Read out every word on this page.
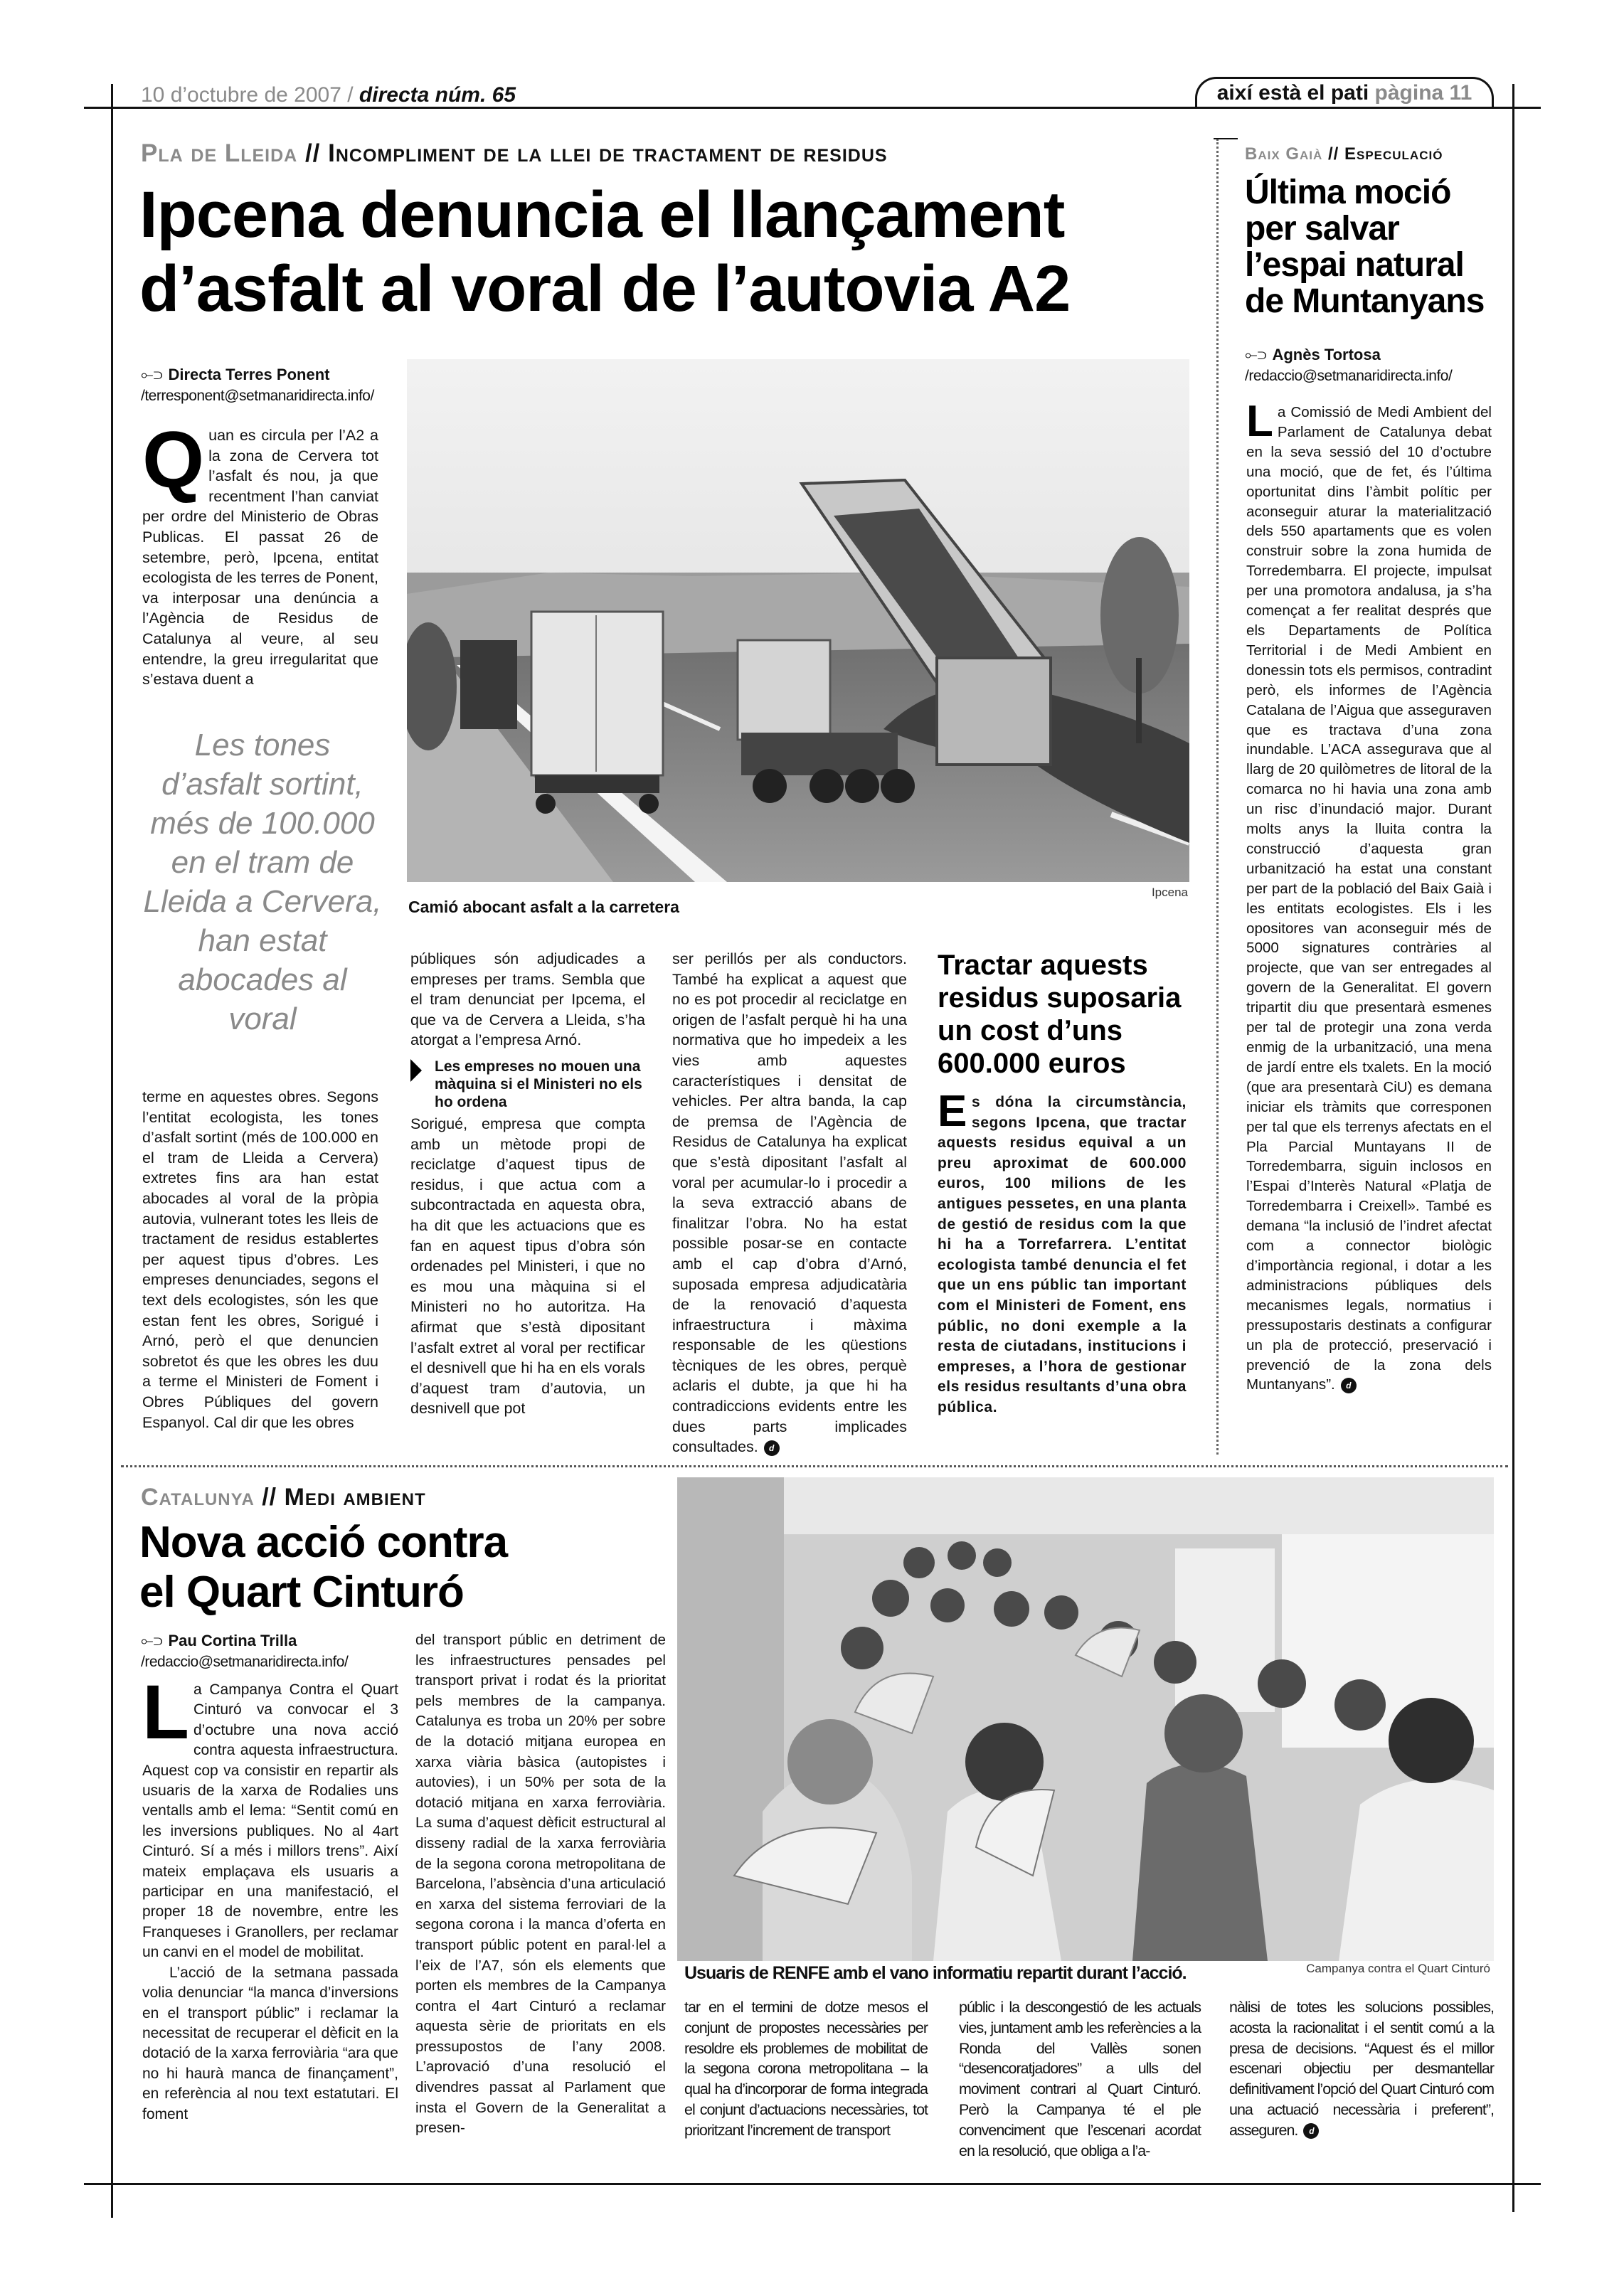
10 d’octubre de 2007 / directa núm. 65	així està el pati pàgina 11
Pla de Lleida // Incompliment de la llei de tractament de residus
Ipcena denuncia el llançament
d’asfalt al voral de l’autovia A2
⟜⊃ Directa Terres Ponent
/terresponent@setmanaridirecta.info/
Quan es circula per l’A2 a la zona de Cervera tot l’asfalt és nou, ja que recentment l’han canviat per ordre del Ministerio de Obras Publicas. El passat 26 de setembre, però, Ipcena, entitat ecologista de les terres de Ponent, va interposar una denúncia a l’Agència de Residus de Catalunya al veure, al seu entendre, la greu irregularitat que s’estava duent a
Les tones d’asfalt sortint, més de 100.000 en el tram de Lleida a Cervera, han estat abocades al voral
terme en aquestes obres. Segons l’entitat ecologista, les tones d’asfalt sortint (més de 100.000 en el tram de Lleida a Cervera) extretes fins ara han estat abocades al voral de la pròpia autovia, vulnerant totes les lleis de tractament de residus establertes per aquest tipus d’obres. Les empreses denunciades, segons el text dels ecologistes, són les que estan fent les obres, Sorigué i Arnó, però el que denuncien sobretot és que les obres les duu a terme el Ministeri de Foment i Obres Públiques del govern Espanyol. Cal dir que les obres
Ipcena
Camió abocant asfalt a la carretera
públiques són adjudicades a empreses per trams. Sembla que el tram denunciat per Ipcema, el que va de Cervera a Lleida, s’ha atorgat a l’empresa Arnó.
Les empreses no mouen una màquina si el Ministeri no els ho ordena
Sorigué, empresa que compta amb un mètode propi de reciclatge d’aquest tipus de residus, i que actua com a subcontractada en aquesta obra, ha dit que les actuacions que es fan en aquest tipus d’obra són ordenades pel Ministeri, i que no es mou una màquina si el Ministeri no ho autoritza. Ha afirmat que s’està dipositant l’asfalt extret al voral per rectificar el desnivell que hi ha en els vorals d’aquest tram d’autovia, un desnivell que pot
ser perillós per als conductors. També ha explicat a aquest que no es pot procedir al reciclatge en origen de l’asfalt perquè hi ha una normativa que ho impedeix a les vies amb aquestes característiques i densitat de vehicles. Per altra banda, la cap de premsa de l’Agència de Residus de Catalunya ha explicat que s’està dipositant l’asfalt al voral per acumular-lo i procedir a la seva extracció abans de finalitzar l’obra. No ha estat possible posar-se en contacte amb el cap d’obra d’Arnó, suposada empresa adjudicatària de la renovació d’aquesta infraestructura i màxima responsable de les qüestions tècniques de les obres, perquè aclaris el dubte, ja que hi ha contradiccions evidents entre les dues parts implicades consultades. d
Tractar aquests residus suposaria un cost d’uns 600.000 euros
Es dóna la circumstància, segons Ipcena, que tractar aquests residus equival a un preu aproximat de 600.000 euros, 100 milions de les antigues pessetes, en una planta de gestió de residus com la que hi ha a Torrefarrera. L’entitat ecologista també denuncia el fet que un ens públic tan important com el Ministeri de Foment, ens públic, no doni exemple a la resta de ciutadans, institucions i empreses, a l’hora de gestionar els residus resultants d’una obra pública.
Baix Gaià // Especulació
Última moció per salvar l’espai natural de Muntanyans
⟜⊃ Agnès Tortosa
/redaccio@setmanaridirecta.info/
La Comissió de Medi Ambient del Parlament de Catalunya debat en la seva sessió del 10 d’octubre una moció, que de fet, és l’última oportunitat dins l’àmbit polític per aconseguir aturar la materialització dels 550 apartaments que es volen construir sobre la zona humida de Torredembarra. El projecte, impulsat per una promotora andalusa, ja s’ha començat a fer realitat després que els Departaments de Política Territorial i de Medi Ambient en donessin tots els permisos, contradint però, els informes de l’Agència Catalana de l’Aigua que asseguraven que es tractava d’una zona inundable. L’ACA assegurava que al llarg de 20 quilòmetres de litoral de la comarca no hi havia una zona amb un risc d’inundació major. Durant molts anys la lluita contra la construcció d’aquesta gran urbanització ha estat una constant per part de la població del Baix Gaià i les entitats ecologistes. Els i les opositores van aconseguir més de 5000 signatures contràries al projecte, que van ser entregades al govern de la Generalitat. El govern tripartit diu que presentarà esmenes per tal de protegir una zona verda enmig de la urbanització, una mena de jardí entre els txalets. En la moció (que ara presentarà CiU) es demana iniciar els tràmits que corresponen per tal que els terrenys afectats en el Pla Parcial Muntayans II de Torredembarra, siguin inclosos en l’Espai d’Interès Natural «Platja de Torredembarra i Creixell». També es demana “la inclusió de l’indret afectat com a connector biològic d’importància regional, i dotar a les administracions públiques dels mecanismes legals, normatius i pressupostaris destinats a configurar un pla de protecció, preservació i prevenció de la zona dels Muntanyans”. d
Catalunya // Medi ambient
Nova acció contra
el Quart Cinturó
⟜⊃ Pau Cortina Trilla
/redaccio@setmanaridirecta.info/
La Campanya Contra el Quart Cinturó va convocar el 3 d’octubre una nova acció contra aquesta infraestructura. Aquest cop va consistir en repartir als usuaris de la xarxa de Rodalies uns ventalls amb el lema: “Sentit comú en les inversions publiques. No al 4art Cinturó. Sí a més i millors trens”. Així mateix emplaçava els usuaris a participar en una manifestació, el proper 18 de novembre, entre les Franqueses i Granollers, per reclamar un canvi en el model de mobilitat.
L’acció de la setmana passada volia denunciar “la manca d’inversions en el transport públic” i reclamar la necessitat de recuperar el dèficit en la dotació de la xarxa ferroviària “ara que no hi haurà manca de finançament”, en referència al nou text estatutari. El foment
del transport públic en detriment de les infraestructures pensades pel transport privat i rodat és la prioritat pels membres de la campanya. Catalunya es troba un 20% per sobre de la dotació mitjana europea en xarxa viària bàsica (autopistes i autovies), i un 50% per sota de la dotació mitjana en xarxa ferroviària. La suma d’aquest dèficit estructural al disseny radial de la xarxa ferroviària de la segona corona metropolitana de Barcelona, l’absència d’una articulació en xarxa del sistema ferroviari de la segona corona i la manca d’oferta en transport públic potent en paral·lel a l’eix de l’A7, són els elements que porten els membres de la Campanya contra el 4art Cinturó a reclamar aquesta sèrie de prioritats en els pressupostos de l’any 2008. L’aprovació d’una resolució el divendres passat al Parlament que insta el Govern de la Generalitat a presen-
Usuaris de RENFE amb el vano informatiu repartit durant l’acció.	Campanya contra el Quart Cinturó
tar en el termini de dotze mesos el conjunt de propostes necessàries per resoldre els problemes de mobilitat de la segona corona metropolitana – la qual ha d’incorporar de forma integrada el conjunt d’actuacions necessàries, tot prioritzant l’increment de transport
públic i la descongestió de les actuals vies, juntament amb les referències a la Ronda del Vallès sonen “desencoratjadores” a ulls del moviment contrari al Quart Cinturó. Però la Campanya té el ple convenciment que l’escenari acordat en la resolució, que obliga a l’a-
nàlisi de totes les solucions possibles, acosta la racionalitat i el sentit comú a la presa de decisions. “Aquest és el millor escenari objectiu per desmantellar definitivament l’opció del Quart Cinturó com una actuació necessària i preferent”, asseguren. d
